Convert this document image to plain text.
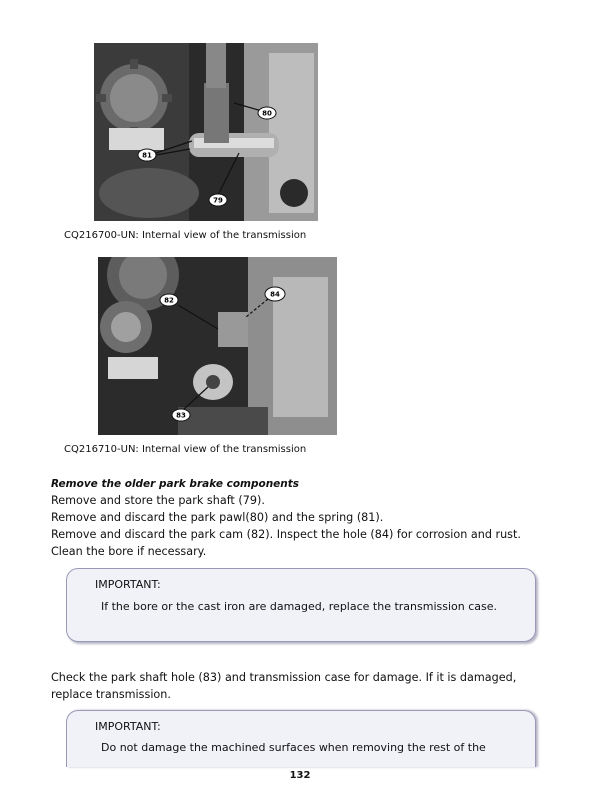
80
81
79
CQ216700-UN: Internal view of the transmission
82
84
83
CQ216710-UN: Internal view of the transmission
Remove the older park brake components
Remove and store the park shaft (79).
Remove and discard the park pawl(80) and the spring (81).
Remove and discard the park cam (82). Inspect the hole (84) for corrosion and rust. Clean the bore if necessary.
IMPORTANT:
If the bore or the cast iron are damaged, replace the transmission case.
Check the park shaft hole (83) and transmission case for damage. If it is damaged, replace transmission.
IMPORTANT:
Do not damage the machined surfaces when removing the rest of the
132
